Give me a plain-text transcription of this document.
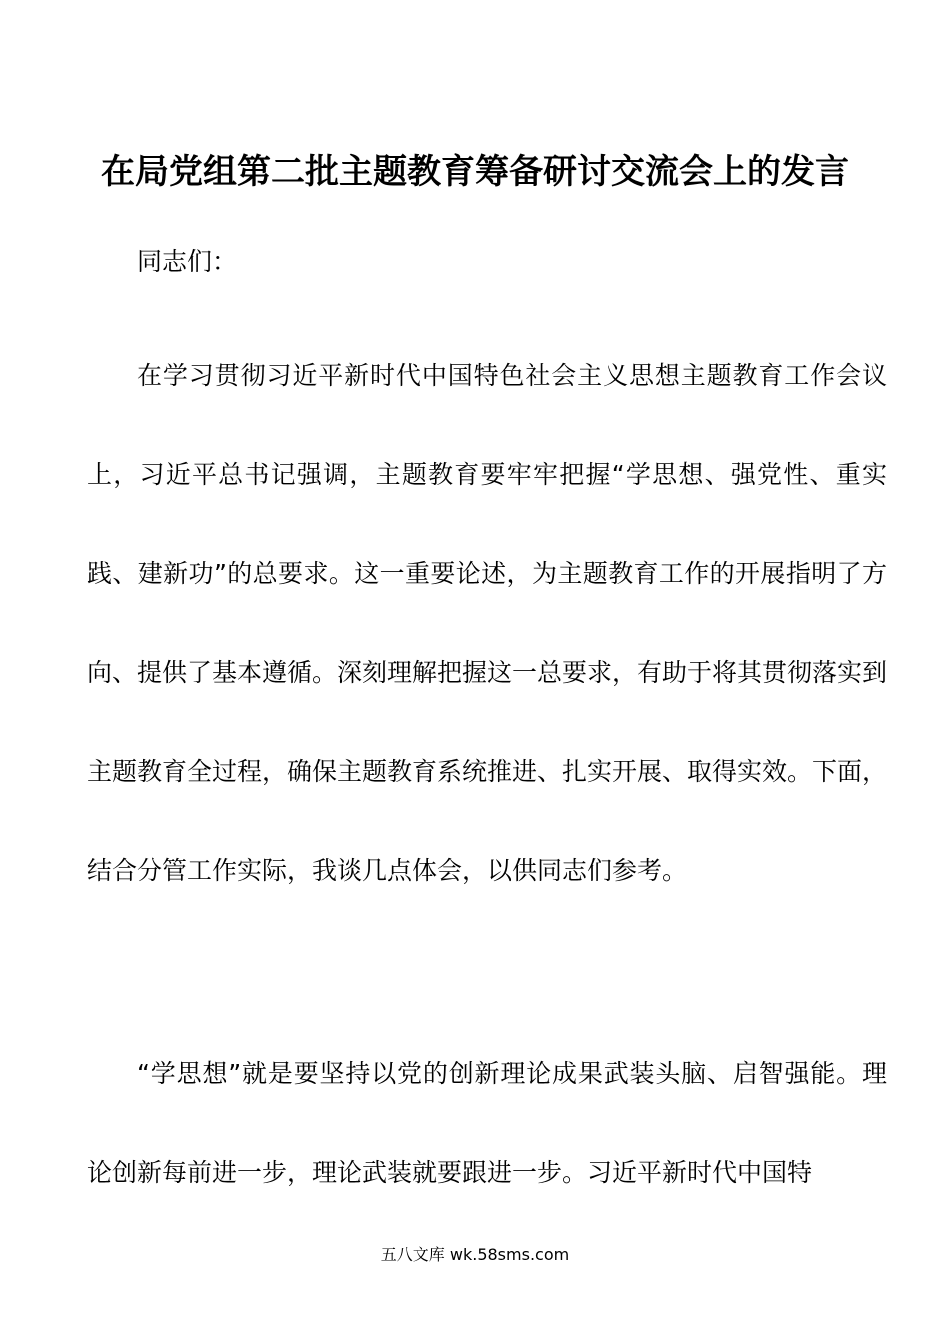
在局党组第二批主题教育筹备研讨交流会上的发言
同志们：
在学习贯彻习近平新时代中国特色社会主义思想主题教育工作会议上，习近平总书记强调，主题教育要牢牢把握“学思想、强党性、重实践、建新功”的总要求。这一重要论述，为主题教育工作的开展指明了方向、提供了基本遵循。深刻理解把握这一总要求，有助于将其贯彻落实到主题教育全过程，确保主题教育系统推进、扎实开展、取得实效。下面，结合分管工作实际，我谈几点体会，以供同志们参考。
“学思想”就是要坚持以党的创新理论成果武装头脑、启智强能。理论创新每前进一步，理论武装就要跟进一步。习近平新时代中国特
五八文库 wk.58sms.com
